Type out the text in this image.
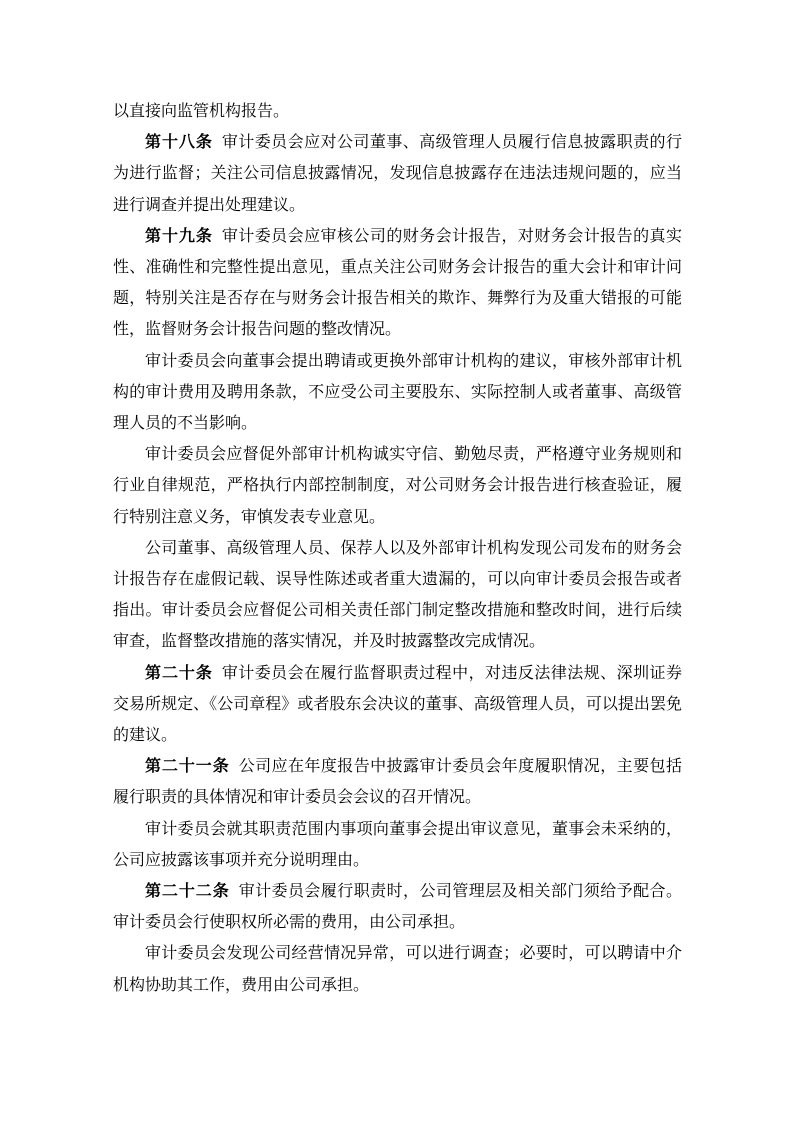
以直接向监管机构报告。

第十八条 审计委员会应对公司董事、高级管理人员履行信息披露职责的行为进行监督；关注公司信息披露情况，发现信息披露存在违法违规问题的，应当进行调查并提出处理建议。

第十九条 审计委员会应审核公司的财务会计报告，对财务会计报告的真实性、准确性和完整性提出意见，重点关注公司财务会计报告的重大会计和审计问题，特别关注是否存在与财务会计报告相关的欺诈、舞弊行为及重大错报的可能性，监督财务会计报告问题的整改情况。

审计委员会向董事会提出聘请或更换外部审计机构的建议，审核外部审计机构的审计费用及聘用条款，不应受公司主要股东、实际控制人或者董事、高级管理人员的不当影响。

审计委员会应督促外部审计机构诚实守信、勤勉尽责，严格遵守业务规则和行业自律规范，严格执行内部控制制度，对公司财务会计报告进行核查验证，履行特别注意义务，审慎发表专业意见。

公司董事、高级管理人员、保荐人以及外部审计机构发现公司发布的财务会计报告存在虚假记载、误导性陈述或者重大遗漏的，可以向审计委员会报告或者指出。审计委员会应督促公司相关责任部门制定整改措施和整改时间，进行后续审查，监督整改措施的落实情况，并及时披露整改完成情况。

第二十条 审计委员会在履行监督职责过程中，对违反法律法规、深圳证券交易所规定、《公司章程》或者股东会决议的董事、高级管理人员，可以提出罢免的建议。

第二十一条 公司应在年度报告中披露审计委员会年度履职情况，主要包括履行职责的具体情况和审计委员会会议的召开情况。

审计委员会就其职责范围内事项向董事会提出审议意见，董事会未采纳的，公司应披露该事项并充分说明理由。

第二十二条 审计委员会履行职责时，公司管理层及相关部门须给予配合。审计委员会行使职权所必需的费用，由公司承担。

审计委员会发现公司经营情况异常，可以进行调查；必要时，可以聘请中介机构协助其工作，费用由公司承担。
